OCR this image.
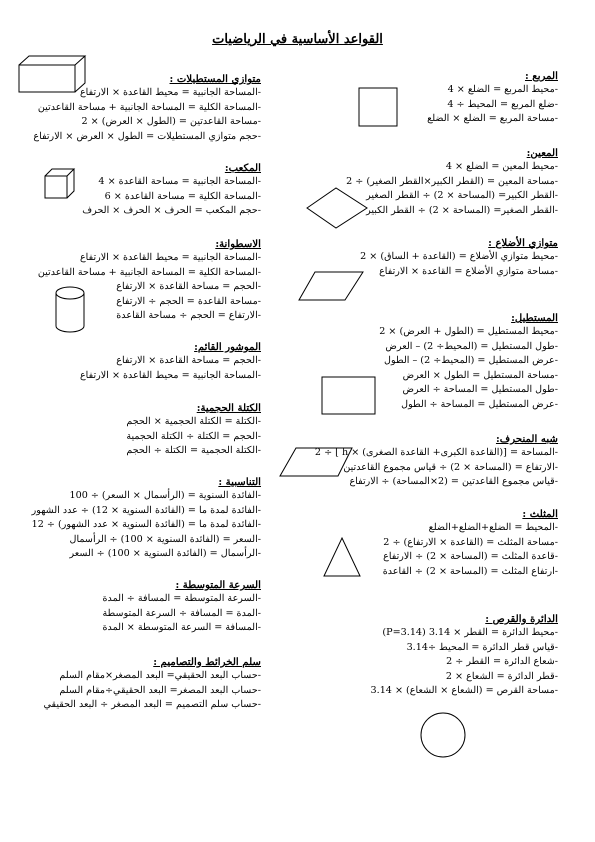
القواعد الأساسية في الرياضيات
المربع :
-محيط المربع = الضلع × 4
-ضلع المربع = المحيط ÷ 4
-مساحة المربع = الضلع × الضلع
المعين:
-محيط المعين = الضلع × 4
-مساحة المعين = (القطر الكبير×القطر الصغير) ÷ 2
-القطر الكبير= (المساحة × 2) ÷ القطر الصغير
-القطر الصغير= (المساحة × 2) ÷ القطر الكبير
متوازي الأضلاع :
-محيط متوازي الأضلاع = (القاعدة + الساق) × 2
-مساحة متوازي الأضلاع = القاعدة × الارتفاع
المستطيل:
-محيط المستطيل = (الطول + العرض) × 2
-طول المستطيل = (المحيط÷ 2) – العرض
-عرض المستطيل = (المحيط÷ 2) – الطول
-مساحة المستطيل = الطول × العرض
-طول المستطيل = المساحة ÷ العرض
-عرض المستطيل = المساحة ÷ الطول
شبه المنحرف:
-المساحة = [(القاعدة الكبرى+ القاعدة الصغرى) × h ] ÷ 2
-الارتفاع = (المساحة × 2) ÷ قياس مجموع القاعدتين
-قياس مجموع القاعدتين = (2×المساحة) ÷ الارتفاع
المثلث :
-المحيط = الضلع+الضلع+الضلع
-مساحة المثلث = (القاعدة × الارتفاع) ÷ 2
-قاعدة المثلث = (المساحة × 2) ÷ الارتفاع
-ارتفاع المثلث = (المساحة × 2) ÷ القاعدة
الدائرة والقرص :
-محيط الدائرة = القطر × 3.14 (P=3.14)
-قياس قطر الدائرة = المحيط ÷3.14
-شعاع الدائرة = القطر ÷ 2
-قطر الدائرة = الشعاع × 2
-مساحة القرص = (الشعاع × الشعاع) × 3.14
متوازي المستطيلات :
-المساحة الجانبية = محيط القاعدة × الارتفاع
-المساحة الكلية = المساحة الجانبية + مساحة القاعدتين
-مساحة القاعدتين = (الطول × العرض) × 2
-حجم متوازي المستطيلات = الطول × العرض × الارتفاع
المكعب:
-المساحة الجانبية = مساحة القاعدة × 4
-المساحة الكلية = مساحة القاعدة × 6
-حجم المكعب = الحرف × الحرف × الحرف
الاسطوانة:
-المساحة الجانبية = محيط القاعدة × الارتفاع
-المساحة الكلية = المساحة الجانبية + مساحة القاعدتين
-الحجم = مساحة القاعدة × الارتفاع
-مساحة القاعدة = الحجم ÷ الارتفاع
-الارتفاع = الحجم ÷ مساحة القاعدة
الموشور القائم:
-الحجم = مساحة القاعدة × الارتفاع
-المساحة الجانبية = محيط القاعدة × الارتفاع
الكتلة الحجمية:
-الكتلة = الكتلة الحجمية × الحجم
-الحجم = الكتلة ÷ الكتلة الحجمية
-الكتلة الحجمية = الكتلة ÷ الحجم
التناسبية :
-الفائدة السنوية = (الرأسمال × السعر) ÷ 100
-الفائدة لمدة ما = (الفائدة السنوية × 12) ÷ عدد الشهور
-الفائدة لمدة ما = (الفائدة السنوية × عدد الشهور) ÷ 12
-السعر = (الفائدة السنوية × 100) ÷ الرأسمال
-الرأسمال = (الفائدة السنوية × 100) ÷ السعر
السرعة المتوسطة :
-السرعة المتوسطة = المسافة ÷ المدة
-المدة = المسافة ÷ السرعة المتوسطة
-المسافة = السرعة المتوسطة × المدة
سلم الخرائط والتصاميم :
-حساب البعد الحقيقي= البعد المصغر×مقام السلم
-حساب البعد المصغر= البعد الحقيقي÷مقام السلم
-حساب سلم التصميم = البعد المصغر ÷ البعد الحقيقي
